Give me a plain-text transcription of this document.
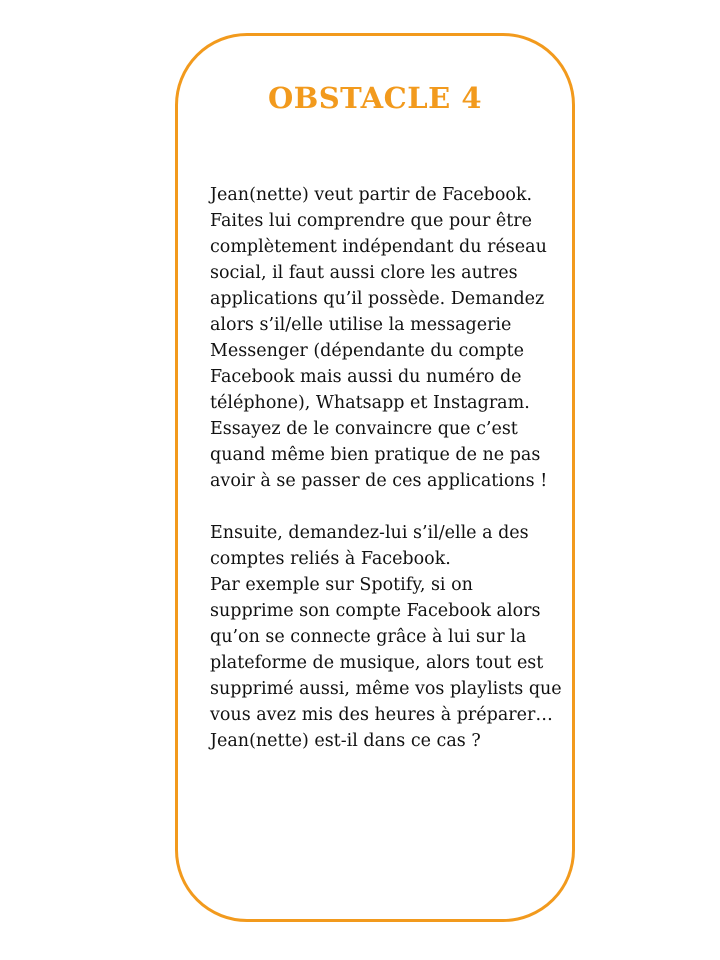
OBSTACLE 4
Jean(nette) veut partir de Facebook.
Faites lui comprendre que pour être
complètement indépendant du réseau
social, il faut aussi clore les autres
applications qu’il possède. Demandez
alors s’il/elle utilise la messagerie
Messenger (dépendante du compte
Facebook mais aussi du numéro de
téléphone), Whatsapp et Instagram.
Essayez de le convaincre que c’est
quand même bien pratique de ne pas
avoir à se passer de ces applications !
Ensuite, demandez-lui s’il/elle a des
comptes reliés à Facebook.
Par exemple sur Spotify, si on
supprime son compte Facebook alors
qu’on se connecte grâce à lui sur la
plateforme de musique, alors tout est
supprimé aussi, même vos playlists que
vous avez mis des heures à préparer…
Jean(nette) est-il dans ce cas ?
